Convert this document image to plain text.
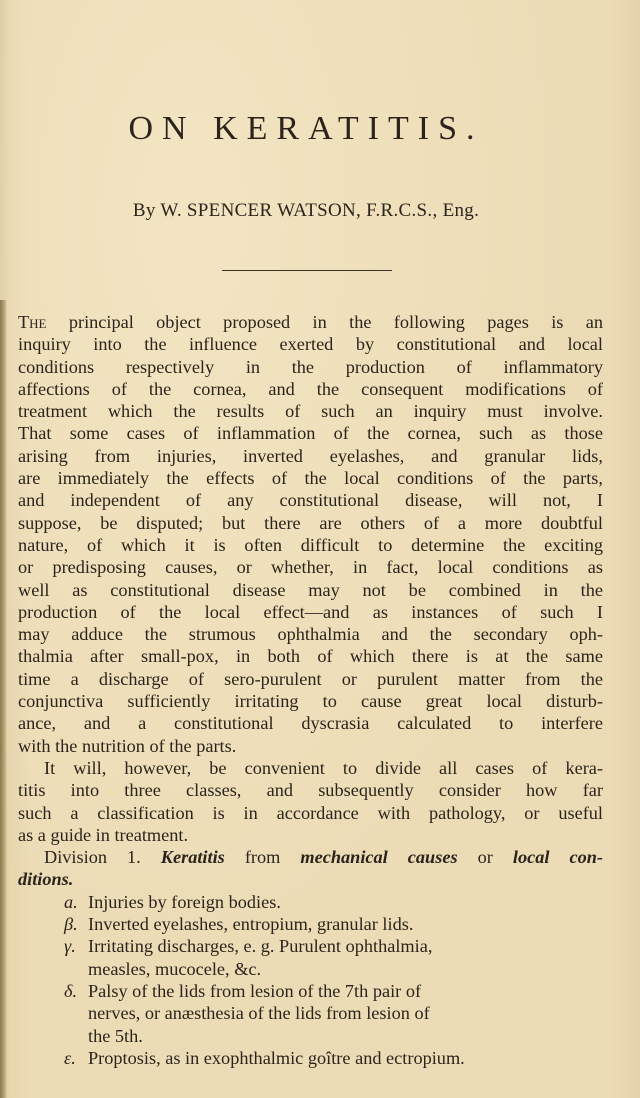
ON KERATITIS.

By W. SPENCER WATSON, F.R.C.S., Eng.

The principal object proposed in the following pages is an
inquiry into the influence exerted by constitutional and local
conditions respectively in the production of inflammatory
affections of the cornea, and the consequent modifications of
treatment which the results of such an inquiry must involve.
That some cases of inflammation of the cornea, such as those
arising from injuries, inverted eyelashes, and granular lids,
are immediately the effects of the local conditions of the parts,
and independent of any constitutional disease, will not, I
suppose, be disputed; but there are others of a more doubtful
nature, of which it is often difficult to determine the exciting
or predisposing causes, or whether, in fact, local conditions as
well as constitutional disease may not be combined in the
production of the local effect—and as instances of such I
may adduce the strumous ophthalmia and the secondary oph-
thalmia after small-pox, in both of which there is at the same
time a discharge of sero-purulent or purulent matter from the
conjunctiva sufficiently irritating to cause great local disturb-
ance, and a constitutional dyscrasia calculated to interfere
with the nutrition of the parts.
It will, however, be convenient to divide all cases of kera-
titis into three classes, and subsequently consider how far
such a classification is in accordance with pathology, or useful
as a guide in treatment.
Division 1. Keratitis from mechanical causes or local con-
ditions.
a. Injuries by foreign bodies.
β. Inverted eyelashes, entropium, granular lids.
γ. Irritating discharges, e. g. Purulent ophthalmia,
measles, mucocele, &c.
δ. Palsy of the lids from lesion of the 7th pair of
nerves, or anæsthesia of the lids from lesion of
the 5th.
ε. Proptosis, as in exophthalmic goître and ectropium.
